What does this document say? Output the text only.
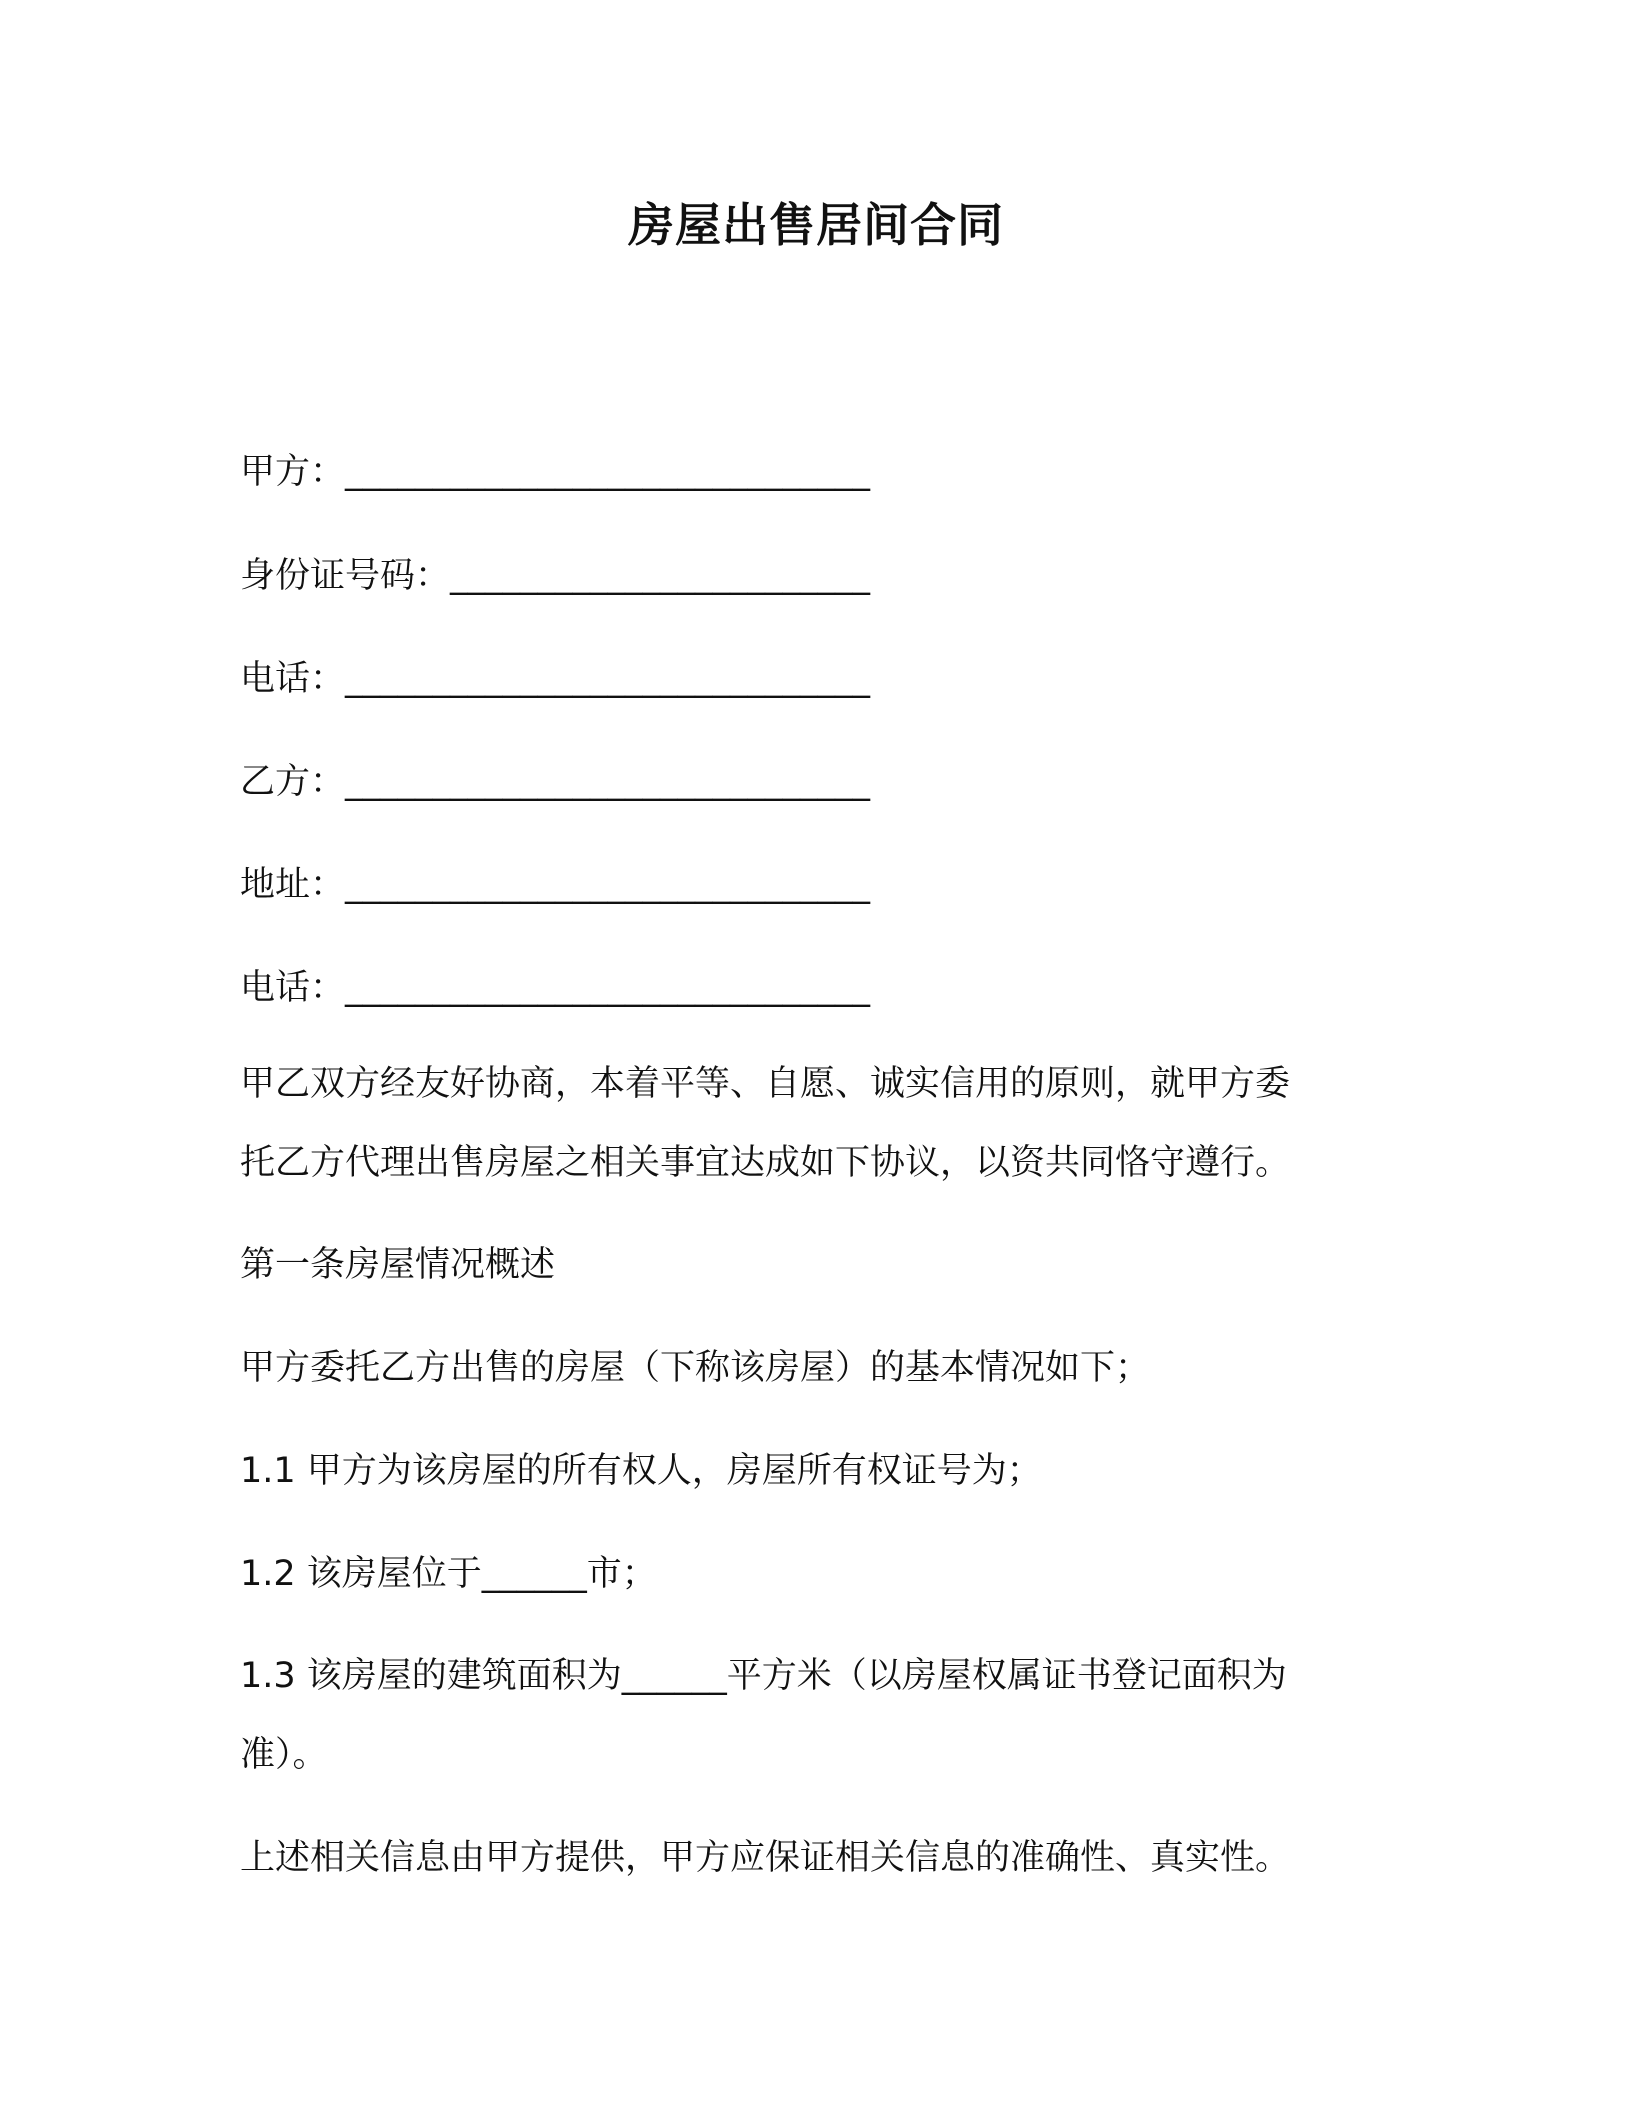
房屋出售居间合同
甲方：______________________________
身份证号码：________________________
电话：______________________________
乙方：______________________________
地址：______________________________
电话：______________________________
甲乙双方经友好协商，本着平等、自愿、诚实信用的原则，就甲方委
托乙方代理出售房屋之相关事宜达成如下协议，以资共同恪守遵行。
第一条房屋情况概述
甲方委托乙方出售的房屋（下称该房屋）的基本情况如下；
1.1 甲方为该房屋的所有权人，房屋所有权证号为；
1.2 该房屋位于______市；
1.3 该房屋的建筑面积为______平方米（以房屋权属证书登记面积为
准）。
上述相关信息由甲方提供，甲方应保证相关信息的准确性、真实性。
